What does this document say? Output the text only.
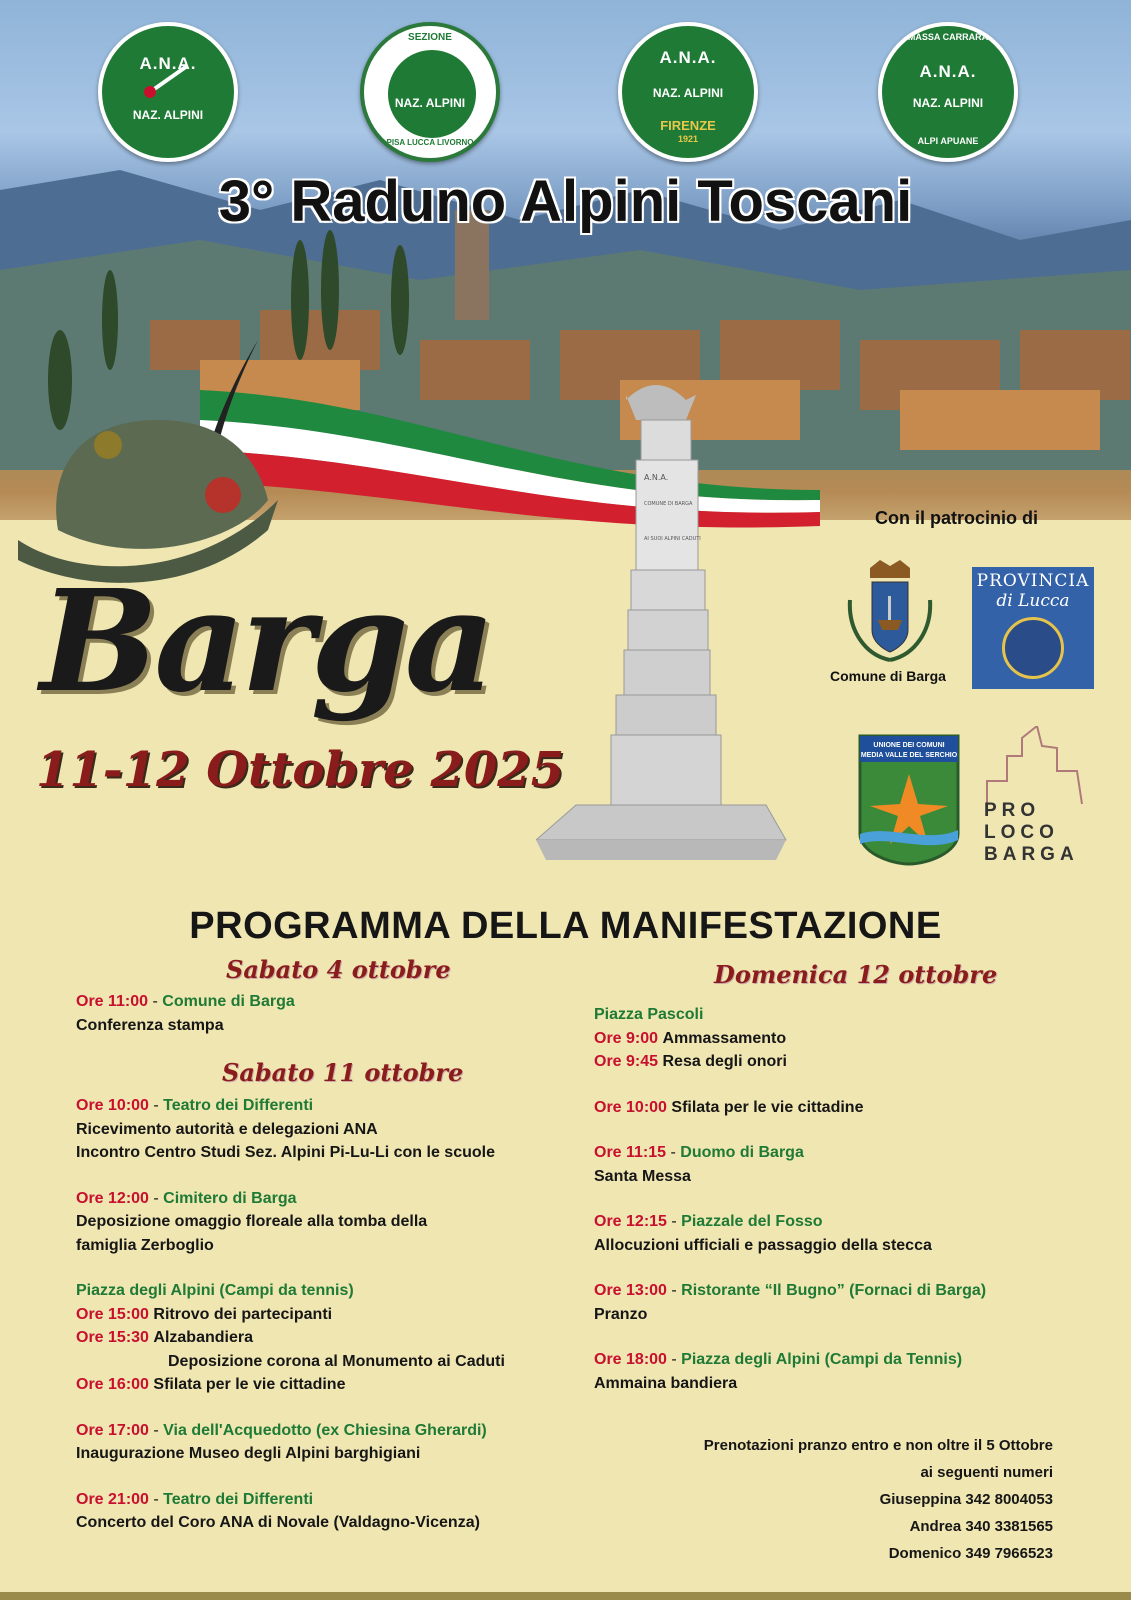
A.N.A.
COMUNE DI BARGA
AI SUOI ALPINI CADUTI
A.N.A.
NAZ. ALPINI
SEZIONE
A.N.A.
NAZ. ALPINI
PISA LUCCA LIVORNO
A.N.A.
NAZ. ALPINI
FIRENZE
1921
MASSA CARRARA
A.N.A.
NAZ. ALPINI
ALPI APUANE
3° Raduno Alpini Toscani
Barga
11-12 Ottobre 2025
Con il patrocinio di
Comune di Barga
PROVINCIA
di Lucca
UNIONE DEI COMUNI
MEDIA VALLE DEL SERCHIO
PRO LOCO BARGA
PROGRAMMA DELLA MANIFESTAZIONE
Sabato 4 ottobre
Ore 11:00 - Comune di Barga
Conferenza stampa
Sabato 11 ottobre
Ore 10:00 - Teatro dei Differenti
Ricevimento autorità e delegazioni ANA
Incontro Centro Studi Sez. Alpini Pi-Lu-Li con le scuole
Ore 12:00 - Cimitero di Barga
Deposizione omaggio floreale alla tomba della
famiglia Zerboglio
Piazza degli Alpini (Campi da tennis)
Ore 15:00 Ritrovo dei partecipanti
Ore 15:30 Alzabandiera
Deposizione corona al Monumento ai Caduti
Ore 16:00 Sfilata per le vie cittadine
Ore 17:00 - Via dell'Acquedotto (ex Chiesina Gherardi)
Inaugurazione Museo degli Alpini barghigiani
Ore 21:00 - Teatro dei Differenti
Concerto del Coro ANA di Novale (Valdagno-Vicenza)
Domenica 12 ottobre
Piazza Pascoli
Ore 9:00 Ammassamento
Ore 9:45 Resa degli onori
Ore 10:00 Sfilata per le vie cittadine
Ore 11:15 - Duomo di Barga
Santa Messa
Ore 12:15 - Piazzale del Fosso
Allocuzioni ufficiali e passaggio della stecca
Ore 13:00 - Ristorante “Il Bugno” (Fornaci di Barga)
Pranzo
Ore 18:00 - Piazza degli Alpini (Campi da Tennis)
Ammaina bandiera
Prenotazioni pranzo entro e non oltre il 5 Ottobre
ai seguenti numeri
Giuseppina 342 8004053
Andrea 340 3381565
Domenico 349 7966523
